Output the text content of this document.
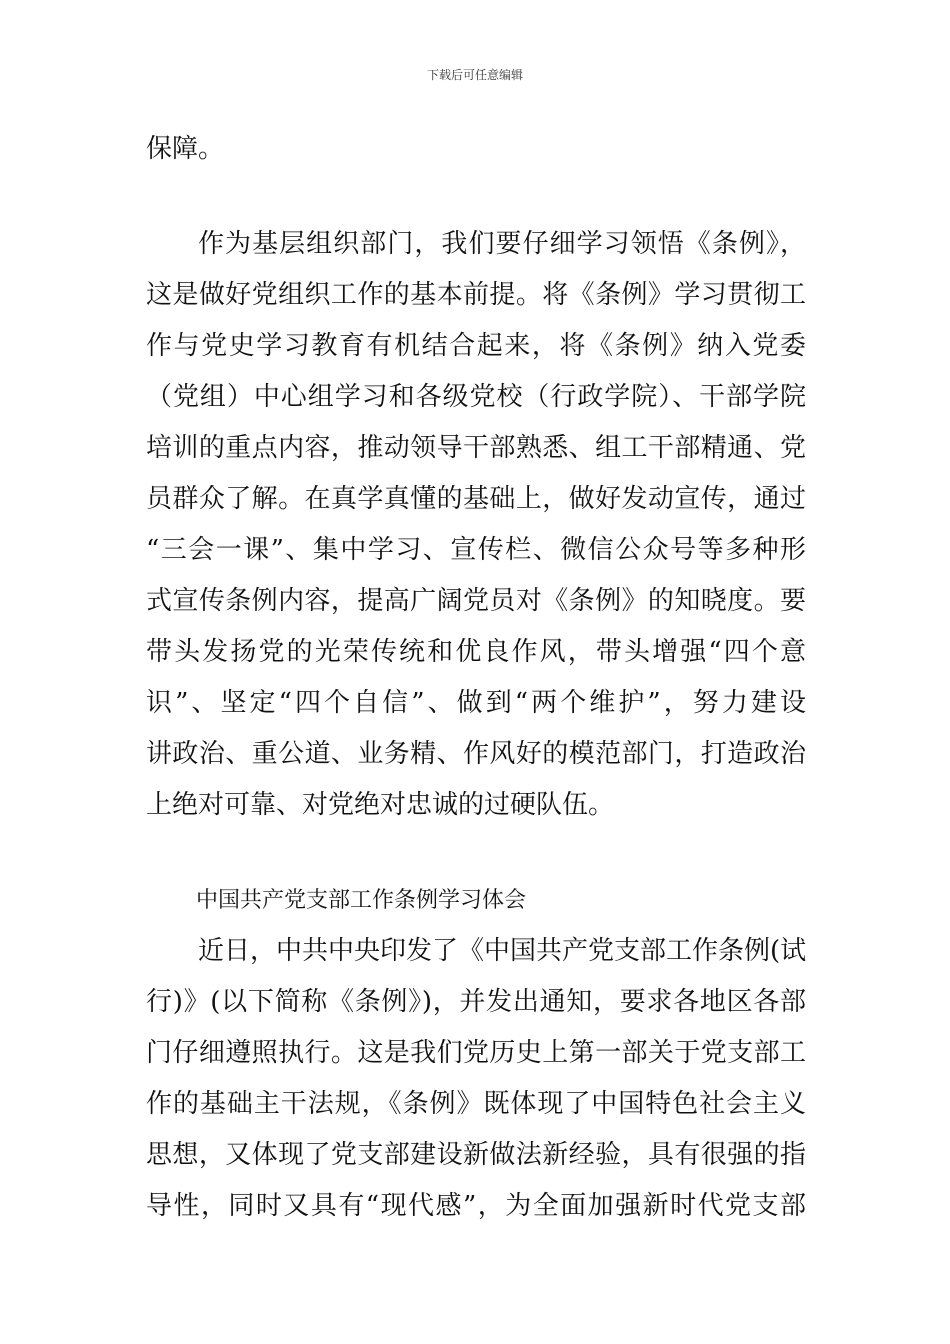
下载后可任意编辑
保障。
作为基层组织部门，我们要仔细学习领悟《条例》，
这是做好党组织工作的基本前提。将《条例》学习贯彻工
作与党史学习教育有机结合起来，将《条例》纳入党委
（党组）中心组学习和各级党校（行政学院）、干部学院
培训的重点内容，推动领导干部熟悉、组工干部精通、党
员群众了解。在真学真懂的基础上，做好发动宣传，通过
“三会一课”、集中学习、宣传栏、微信公众号等多种形
式宣传条例内容，提高广阔党员对《条例》的知晓度。要
带头发扬党的光荣传统和优良作风，带头增强“四个意
识”、坚定“四个自信”、做到“两个维护”，努力建设
讲政治、重公道、业务精、作风好的模范部门，打造政治
上绝对可靠、对党绝对忠诚的过硬队伍。
中国共产党支部工作条例学习体会
近日，中共中央印发了《中国共产党支部工作条例(试
行)》(以下简称《条例》)，并发出通知，要求各地区各部
门仔细遵照执行。这是我们党历史上第一部关于党支部工
作的基础主干法规，《条例》既体现了中国特色社会主义
思想，又体现了党支部建设新做法新经验，具有很强的指
导性，同时又具有“现代感”，为全面加强新时代党支部
